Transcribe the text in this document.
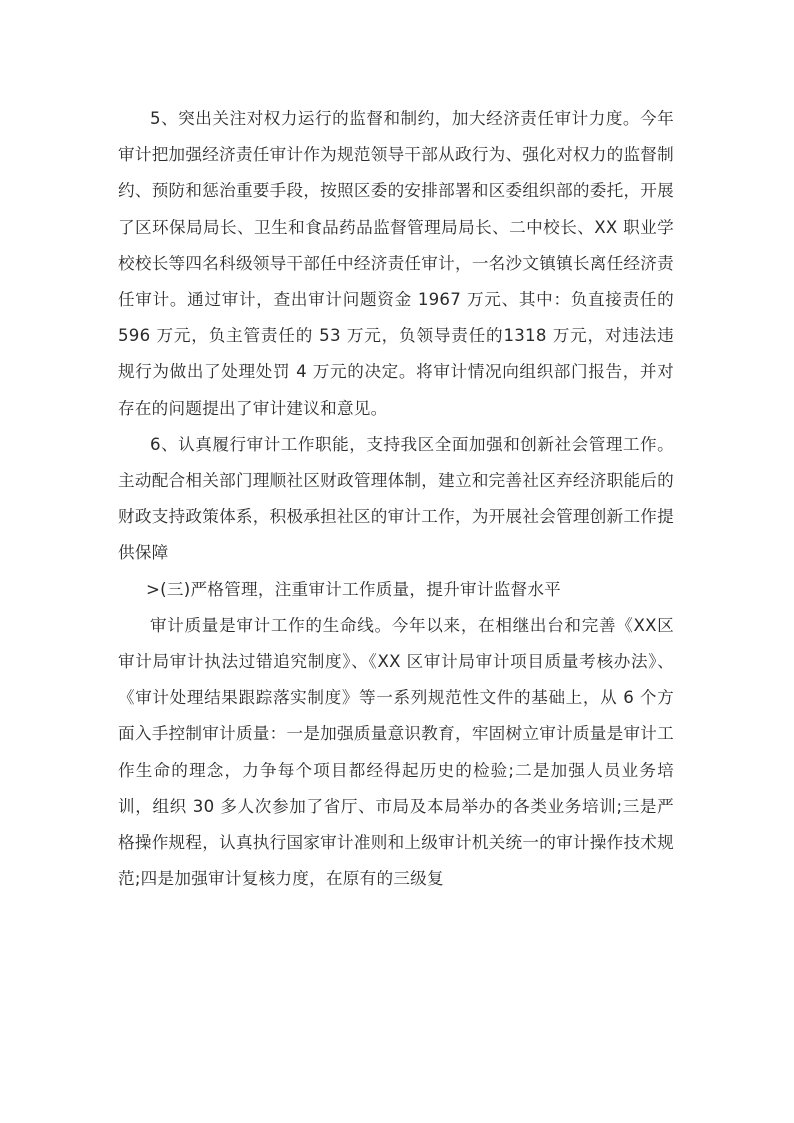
5、突出关注对权力运行的监督和制约，加大经济责任审计力度。今年审计把加强经济责任审计作为规范领导干部从政行为、强化对权力的监督制约、预防和惩治重要手段，按照区委的安排部署和区委组织部的委托，开展了区环保局局长、卫生和食品药品监督管理局局长、二中校长、XX 职业学校校长等四名科级领导干部任中经济责任审计，一名沙文镇镇长离任经济责任审计。通过审计，查出审计问题资金 1967 万元、其中：负直接责任的 596 万元，负主管责任的 53 万元，负领导责任的1318 万元，对违法违规行为做出了处理处罚 4 万元的决定。将审计情况向组织部门报告，并对存在的问题提出了审计建议和意见。

6、认真履行审计工作职能，支持我区全面加强和创新社会管理工作。主动配合相关部门理顺社区财政管理体制，建立和完善社区弃经济职能后的财政支持政策体系，积极承担社区的审计工作，为开展社会管理创新工作提供保障

>(三)严格管理，注重审计工作质量，提升审计监督水平

审计质量是审计工作的生命线。今年以来，在相继出台和完善《XX区审计局审计执法过错追究制度》、《XX 区审计局审计项目质量考核办法》、《审计处理结果跟踪落实制度》等一系列规范性文件的基础上，从 6 个方面入手控制审计质量：一是加强质量意识教育，牢固树立审计质量是审计工作生命的理念，力争每个项目都经得起历史的检验;二是加强人员业务培训，组织 30 多人次参加了省厅、市局及本局举办的各类业务培训;三是严格操作规程，认真执行国家审计准则和上级审计机关统一的审计操作技术规范;四是加强审计复核力度，在原有的三级复
